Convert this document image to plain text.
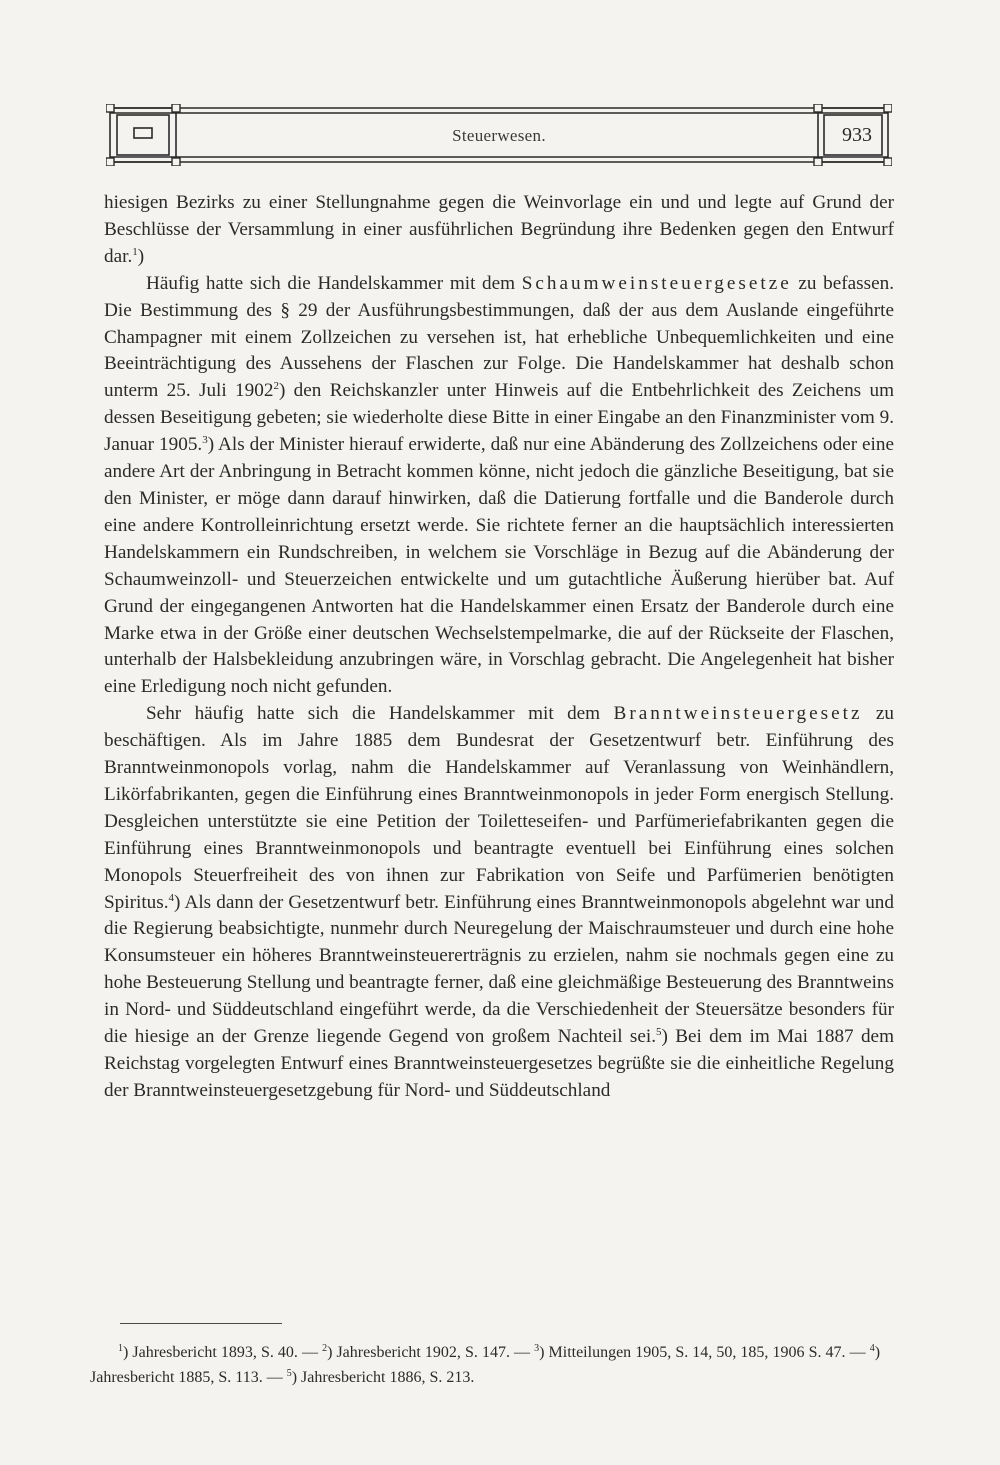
Steuerwesen.	933

hiesigen Bezirks zu einer Stellungnahme gegen die Weinvorlage ein und und legte auf Grund der Beschlüsse der Versammlung in einer ausführlichen Begründung ihre Bedenken gegen den Entwurf dar.$^1$)

Häufig hatte sich die Handelskammer mit dem Schaumweinsteuergesetze zu befassen. Die Bestimmung des § 29 der Ausführungsbestimmungen, daß der aus dem Auslande eingeführte Champagner mit einem Zollzeichen zu versehen ist, hat erhebliche Unbequemlichkeiten und eine Beeinträchtigung des Aussehens der Flaschen zur Folge. Die Handelskammer hat deshalb schon unterm 25. Juli 1902$^2$) den Reichskanzler unter Hinweis auf die Entbehrlichkeit des Zeichens um dessen Beseitigung gebeten; sie wiederholte diese Bitte in einer Eingabe an den Finanzminister vom 9. Januar 1905.$^3$) Als der Minister hierauf erwiderte, daß nur eine Abänderung des Zollzeichens oder eine andere Art der Anbringung in Betracht kommen könne, nicht jedoch die gänzliche Beseitigung, bat sie den Minister, er möge dann darauf hinwirken, daß die Datierung fortfalle und die Banderole durch eine andere Kontrolleinrichtung ersetzt werde. Sie richtete ferner an die hauptsächlich interessierten Handelskammern ein Rundschreiben, in welchem sie Vorschläge in Bezug auf die Abänderung der Schaumweinzoll- und Steuerzeichen entwickelte und um gutachtliche Äußerung hierüber bat. Auf Grund der eingegangenen Antworten hat die Handelskammer einen Ersatz der Banderole durch eine Marke etwa in der Größe einer deutschen Wechselstempelmarke, die auf der Rückseite der Flaschen, unterhalb der Halsbekleidung anzubringen wäre, in Vorschlag gebracht. Die Angelegenheit hat bisher eine Erledigung noch nicht gefunden.

Sehr häufig hatte sich die Handelskammer mit dem Branntweinsteuergesetz zu beschäftigen. Als im Jahre 1885 dem Bundesrat der Gesetzentwurf betr. Einführung des Branntweinmonopols vorlag, nahm die Handelskammer auf Veranlassung von Weinhändlern, Likörfabrikanten, gegen die Einführung eines Branntweinmonopols in jeder Form energisch Stellung. Desgleichen unterstützte sie eine Petition der Toiletteseifen- und Parfümeriefabrikanten gegen die Einführung eines Branntweinmonopols und beantragte eventuell bei Einführung eines solchen Monopols Steuerfreiheit des von ihnen zur Fabrikation von Seife und Parfümerien benötigten Spiritus.$^4$) Als dann der Gesetzentwurf betr. Einführung eines Branntweinmonopols abgelehnt war und die Regierung beabsichtigte, nunmehr durch Neuregelung der Maischraumsteuer und durch eine hohe Konsumsteuer ein höheres Branntweinsteuererträgnis zu erzielen, nahm sie nochmals gegen eine zu hohe Besteuerung Stellung und beantragte ferner, daß eine gleichmäßige Besteuerung des Branntweins in Nord- und Süddeutschland eingeführt werde, da die Verschiedenheit der Steuersätze besonders für die hiesige an der Grenze liegende Gegend von großem Nachteil sei.$^5$) Bei dem im Mai 1887 dem Reichstag vorgelegten Entwurf eines Branntweinsteuergesetzes begrüßte sie die einheitliche Regelung der Branntweinsteuergesetzgebung für Nord- und Süddeutschland

$^1$) Jahresbericht 1893, S. 40. — $^2$) Jahresbericht 1902, S. 147. — $^3$) Mitteilungen 1905, S. 14, 50, 185, 1906 S. 47. — $^4$) Jahresbericht 1885, S. 113. — $^5$) Jahresbericht 1886, S. 213.
